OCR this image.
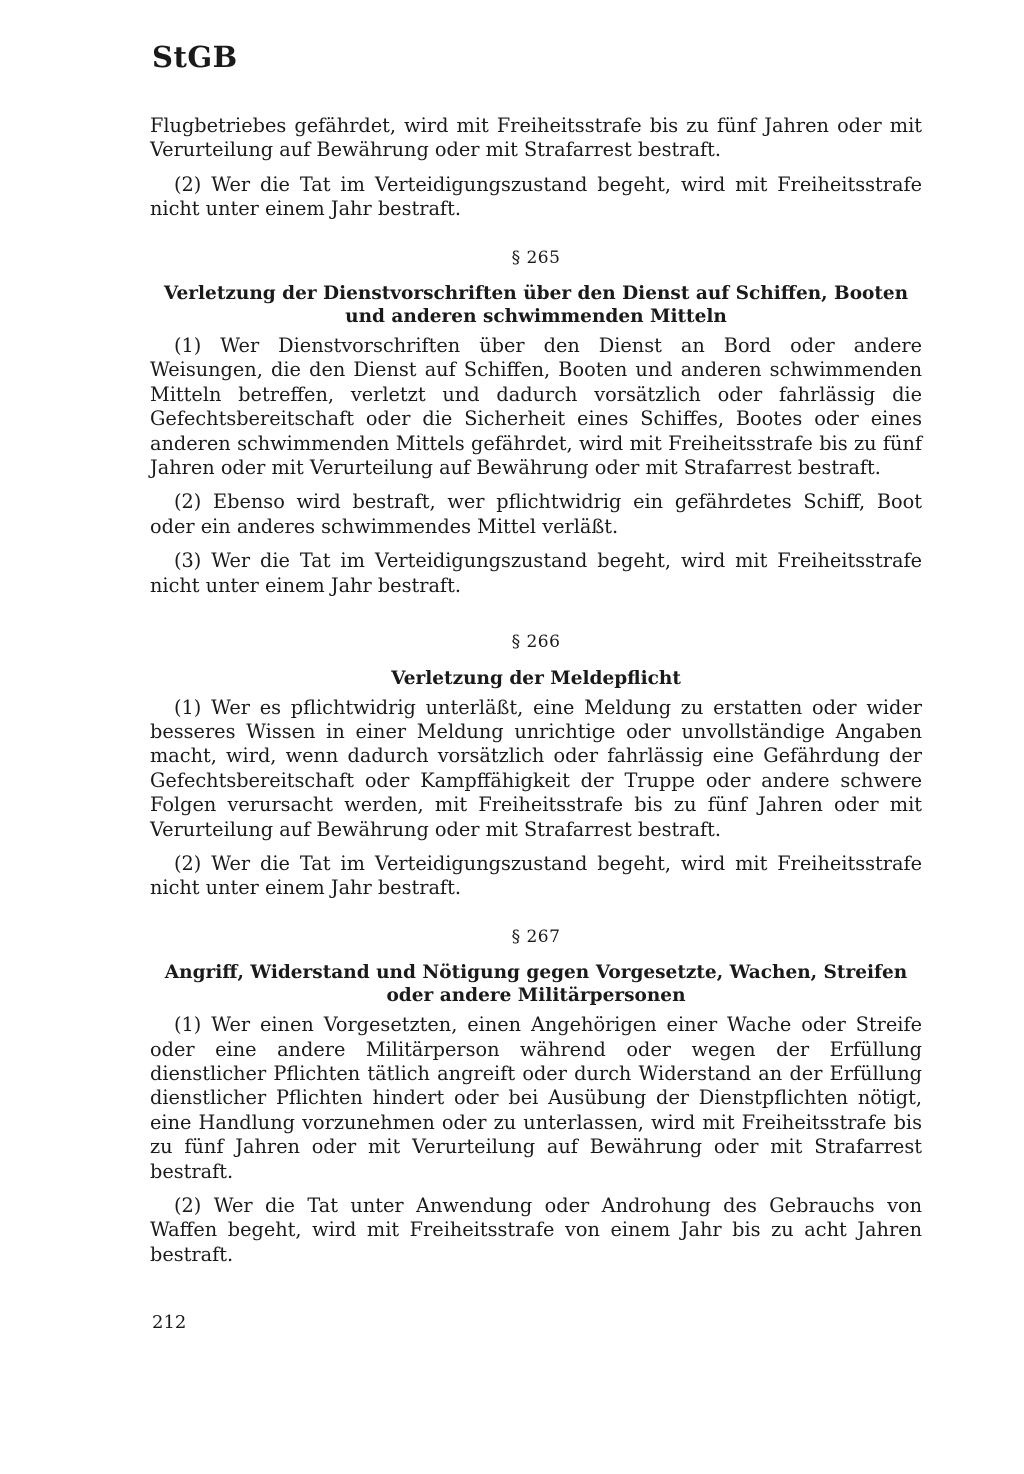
StGB

Flugbetriebes gefährdet, wird mit Freiheitsstrafe bis zu fünf Jahren oder mit Verurteilung auf Bewährung oder mit Strafarrest bestraft.

(2) Wer die Tat im Verteidigungszustand begeht, wird mit Freiheitsstrafe nicht unter einem Jahr bestraft.

§ 265

Verletzung der Dienstvorschriften über den Dienst auf Schiffen, Booten

und anderen schwimmenden Mitteln

(1) Wer Dienstvorschriften über den Dienst an Bord oder andere Weisungen, die den Dienst auf Schiffen, Booten und anderen schwimmenden Mitteln betreffen, verletzt und dadurch vorsätzlich oder fahrlässig die Gefechtsbereitschaft oder die Sicherheit eines Schiffes, Bootes oder eines anderen schwimmenden Mittels gefährdet, wird mit Freiheitsstrafe bis zu fünf Jahren oder mit Verurteilung auf Bewährung oder mit Strafarrest bestraft.

(2) Ebenso wird bestraft, wer pflichtwidrig ein gefährdetes Schiff, Boot oder ein anderes schwimmendes Mittel verläßt.

(3) Wer die Tat im Verteidigungszustand begeht, wird mit Freiheitsstrafe nicht unter einem Jahr bestraft.

§ 266

Verletzung der Meldepflicht

(1) Wer es pflichtwidrig unterläßt, eine Meldung zu erstatten oder wider besseres Wissen in einer Meldung unrichtige oder unvollständige Angaben macht, wird, wenn dadurch vorsätzlich oder fahrlässig eine Gefährdung der Gefechtsbereitschaft oder Kampffähigkeit der Truppe oder andere schwere Folgen verursacht werden, mit Freiheitsstrafe bis zu fünf Jahren oder mit Verurteilung auf Bewährung oder mit Strafarrest bestraft.

(2) Wer die Tat im Verteidigungszustand begeht, wird mit Freiheitsstrafe nicht unter einem Jahr bestraft.

§ 267

Angriff, Widerstand und Nötigung gegen Vorgesetzte, Wachen, Streifen

oder andere Militärpersonen

(1) Wer einen Vorgesetzten, einen Angehörigen einer Wache oder Streife oder eine andere Militärperson während oder wegen der Erfüllung dienstlicher Pflichten tätlich angreift oder durch Widerstand an der Erfüllung dienstlicher Pflichten hindert oder bei Ausübung der Dienstpflichten nötigt, eine Handlung vorzunehmen oder zu unterlassen, wird mit Freiheitsstrafe bis zu fünf Jahren oder mit Verurteilung auf Bewährung oder mit Strafarrest bestraft.

(2) Wer die Tat unter Anwendung oder Androhung des Gebrauchs von Waffen begeht, wird mit Freiheitsstrafe von einem Jahr bis zu acht Jahren bestraft.

212
